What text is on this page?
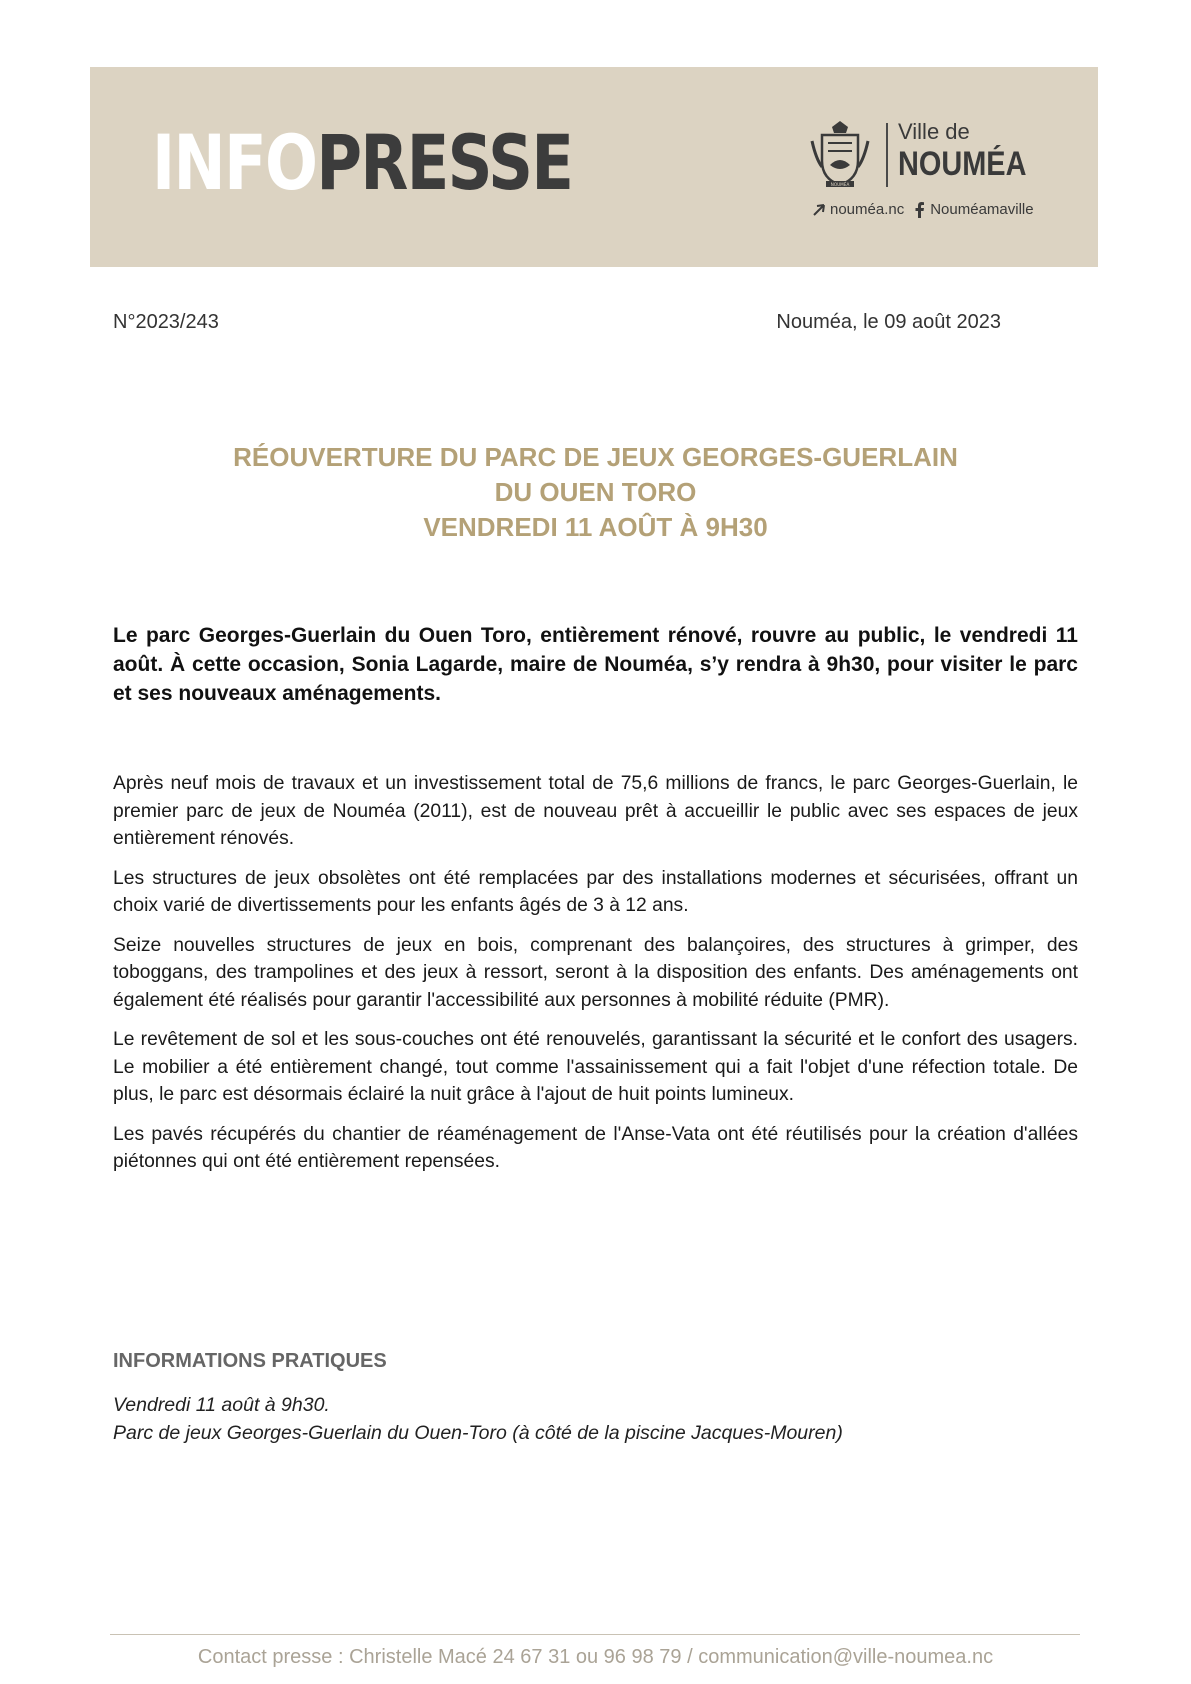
INFOPRESSE	NOUMÉA
Ville de
NOUMÉA
nouméa.nc Nouméamaville
N°2023/243	Nouméa, le 09 août 2023
RÉOUVERTURE DU PARC DE JEUX GEORGES-GUERLAIN
DU OUEN TORO
VENDREDI 11 AOÛT À 9H30
Le parc Georges-Guerlain du Ouen Toro, entièrement rénové, rouvre au public, le vendredi 11 août. À cette occasion, Sonia Lagarde, maire de Nouméa, s’y rendra à 9h30, pour visiter le parc et ses nouveaux aménagements.

Après neuf mois de travaux et un investissement total de 75,6 millions de francs, le parc Georges-Guerlain, le premier parc de jeux de Nouméa (2011), est de nouveau prêt à accueillir le public avec ses espaces de jeux entièrement rénovés.

Les structures de jeux obsolètes ont été remplacées par des installations modernes et sécurisées, offrant un choix varié de divertissements pour les enfants âgés de 3 à 12 ans.

Seize nouvelles structures de jeux en bois, comprenant des balançoires, des structures à grimper, des toboggans, des trampolines et des jeux à ressort, seront à la disposition des enfants. Des aménagements ont également été réalisés pour garantir l'accessibilité aux personnes à mobilité réduite (PMR).

Le revêtement de sol et les sous-couches ont été renouvelés, garantissant la sécurité et le confort des usagers. Le mobilier a été entièrement changé, tout comme l'assainissement qui a fait l'objet d'une réfection totale. De plus, le parc est désormais éclairé la nuit grâce à l'ajout de huit points lumineux.

Les pavés récupérés du chantier de réaménagement de l'Anse-Vata ont été réutilisés pour la création d'allées piétonnes qui ont été entièrement repensées.

INFORMATIONS PRATIQUES
Vendredi 11 août à 9h30.
Parc de jeux Georges-Guerlain du Ouen-Toro (à côté de la piscine Jacques-Mouren)
Contact presse : Christelle Macé 24 67 31 ou 96 98 79 / communication@ville-noumea.nc
